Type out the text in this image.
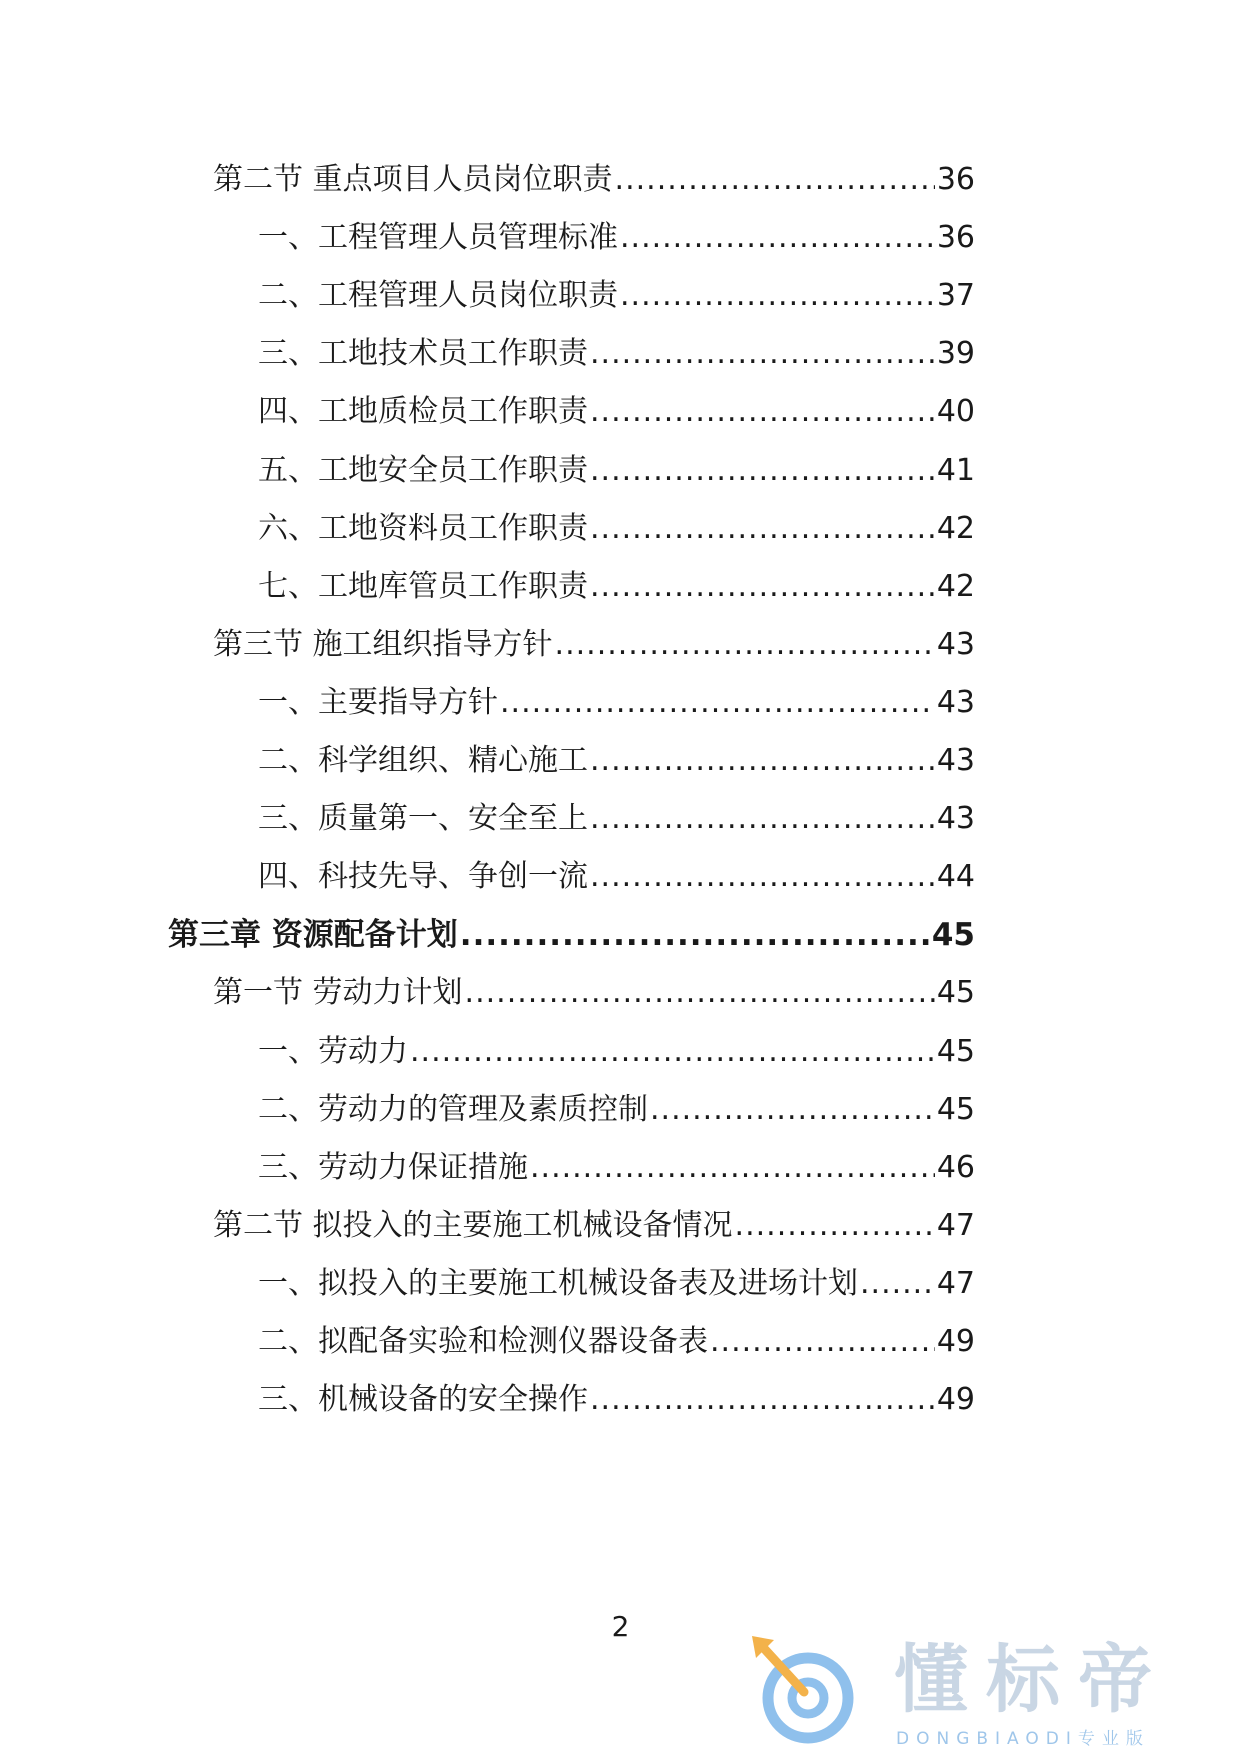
第二节 重点项目人员岗位职责 .....	36
一、工程管理人员管理标准 .....	36
二、工程管理人员岗位职责 .....	37
三、工地技术员工作职责 .....	39
四、工地质检员工作职责 .....	40
五、工地安全员工作职责 .....	41
六、工地资料员工作职责 .....	42
七、工地库管员工作职责 .....	42
第三节 施工组织指导方针 .....	43
一、主要指导方针 .....	43
二、科学组织、精心施工 .....	43
三、质量第一、安全至上 .....	43
四、科技先导、争创一流 .....	44
第三章 资源配备计划 .....	45
第一节 劳动力计划 .....	45
一、劳动力 .....	45
二、劳动力的管理及素质控制 .....	45
三、劳动力保证措施 .....	46
第二节 拟投入的主要施工机械设备情况 .....	47
一、拟投入的主要施工机械设备表及进场计划 .....	47
二、拟配备实验和检测仪器设备表 .....	49
三、机械设备的安全操作 .....	49
2
懂标帝
DONGBIAODI专业版
